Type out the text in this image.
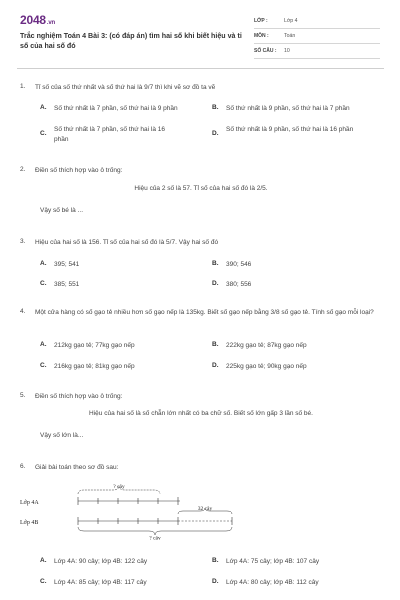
2048.vn
Trắc nghiệm Toán 4 Bài 3: (có đáp án) tìm hai số khi biết hiệu và tỉ số của hai số đó
LỚP :	Lớp 4
MÔN :	Toán
SỐ CÂU : 10
1. Tỉ số của số thứ nhất và số thứ hai là 9/7 thì khi vẽ sơ đồ ta vẽ
A. Số thứ nhất là 7 phần, số thứ hai là 9 phần	B. Số thứ nhất là 9 phần, số thứ hai là 7 phần
C.
Số thứ nhất là 7 phần, số thứ hai là 16 phần
D.
Số thứ nhất là 9 phần, số thứ hai là 16 phần
2. Điền số thích hợp vào ô trống:
Hiệu của 2 số là 57. Tỉ số của hai số đó là 2/5.
Vậy số bé là ...
3. Hiệu của hai số là 156. Tỉ số của hai số đó là 5/7. Vậy hai số đó
A. 395; 541	B. 390; 546
C. 385; 551	D. 380; 556
4. Một cửa hàng có số gạo tẻ nhiều hơn số gạo nếp là 135kg. Biết số gạo nếp bằng 3/8 số gạo tẻ. Tính số gạo mỗi loại?
A. 212kg gạo tẻ; 77kg gạo nếp	B. 222kg gạo tẻ; 87kg gạo nếp
C. 216kg gạo tẻ; 81kg gạo nếp	D. 225kg gạo tẻ; 90kg gạo nếp
5. Điền số thích hợp vào ô trống:
Hiệu của hai số là số chẵn lớn nhất có ba chữ số. Biết số lớn gấp 3 lần số bé.
Vậy số lớn là...
6. Giải bài toán theo sơ đồ sau:
? cây
Lớp 4A
32 cây
Lớp 4B
? cây
A. Lớp 4A: 90 cây; lớp 4B: 122 cây	B. Lớp 4A: 75 cây; lớp 4B: 107 cây
C. Lớp 4A: 85 cây; lớp 4B: 117 cây	D. Lớp 4A: 80 cây; lớp 4B: 112 cây
